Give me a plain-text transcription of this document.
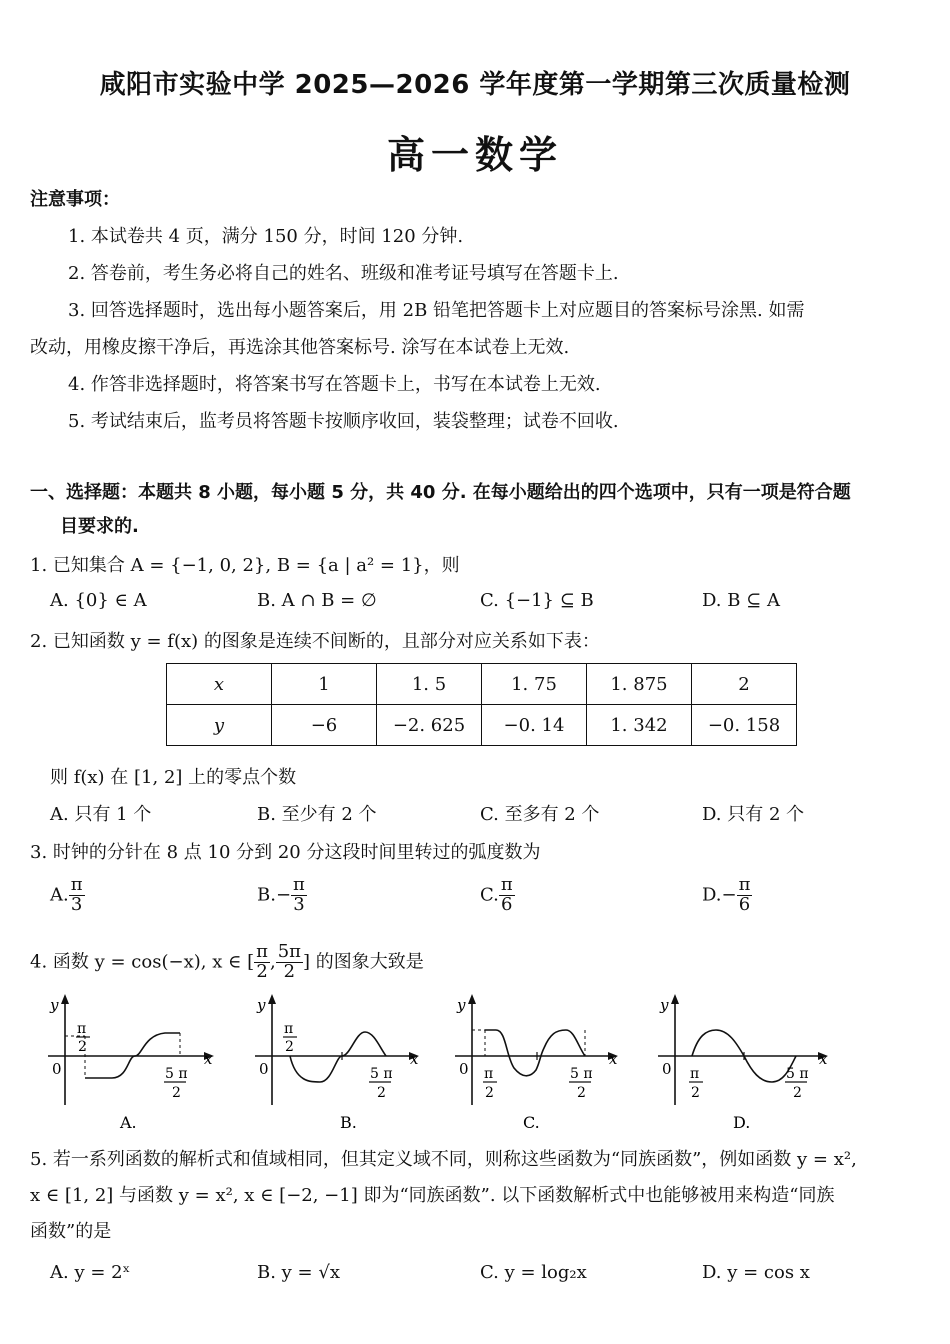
咸阳市实验中学 2025—2026 学年度第一学期第三次质量检测
高一数学
注意事项：
1. 本试卷共 4 页，满分 150 分，时间 120 分钟.
2. 答卷前，考生务必将自己的姓名、班级和准考证号填写在答题卡上.
3. 回答选择题时，选出每小题答案后，用 2B 铅笔把答题卡上对应题目的答案标号涂黑. 如需
改动，用橡皮擦干净后，再选涂其他答案标号. 涂写在本试卷上无效.
4. 作答非选择题时，将答案书写在答题卡上，书写在本试卷上无效.
5. 考试结束后，监考员将答题卡按顺序收回，装袋整理；试卷不回收.
一、选择题：本题共 8 小题，每小题 5 分，共 40 分. 在每小题给出的四个选项中，只有一项是符合题
目要求的.
1. 已知集合 A = {−1, 0, 2}, B = {a | a² = 1}，则
A. {0} ∈ A	B. A ∩ B = ∅	C. {−1} ⊆ B	D. B ⊆ A
2. 已知函数 y = f(x) 的图象是连续不间断的，且部分对应关系如下表：
x	1	1. 5	1. 75	1. 875	2
y	−6	−2. 625	−0. 14	1. 342	−0. 158
则 f(x) 在 [1, 2] 上的零点个数
A. 只有 1 个	B. 至少有 2 个	C. 至多有 2 个	D. 只有 2 个
3. 时钟的分针在 8 点 10 分到 20 分这段时间里转过的弧度数为
A. $\frac{\pi}{3}$	$B.- \frac{\pi}{3}$	C. $\frac{\pi}{6}$	$D.- \frac{\pi}{6}$
4. 函数 y = cos(−x), x ∈ [ $\frac{\pi}{2}$ , $\frac{5\pi}{2}$ ] 的图象大致是
y
x
0
π
2
5 π
2
A.
y
x
0
π
2
5 π
2
B.
y
x
0 π
2
5 π
2
C.
y
x
0 π
2
5 π
2
D.
5. 若一系列函数的解析式和值域相同，但其定义域不同，则称这些函数为“同族函数”，例如函数 y = x²,
x ∈ [1, 2] 与函数 y = x², x ∈ [−2, −1] 即为“同族函数”. 以下函数解析式中也能够被用来构造“同族
函数”的是
A. y = 2ˣ	B. y = √x	C. y = log₂x	D. y = cos x
